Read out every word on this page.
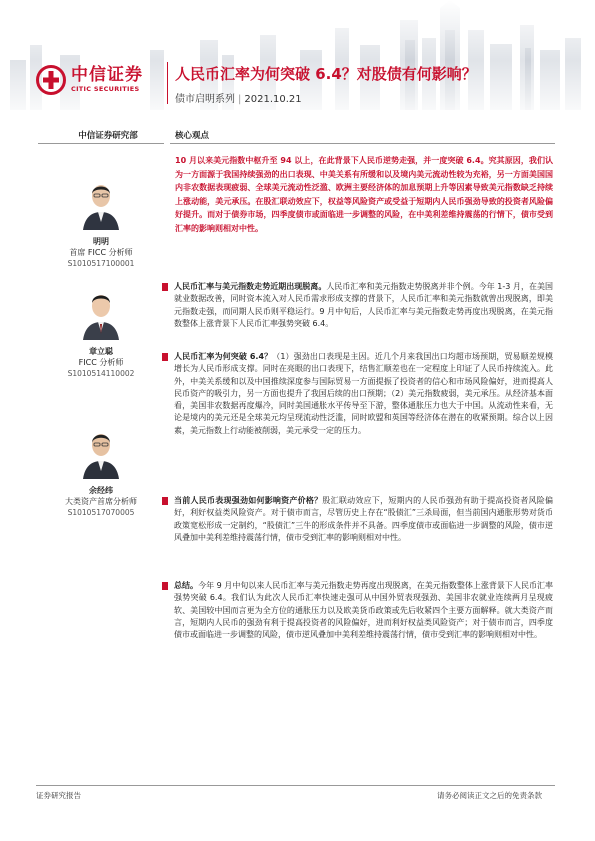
中信证券
CITIC SECURITIES
人民币汇率为何突破 6.4？对股债有何影响？
债市启明系列 | 2021.10.21
中信证券研究部
明明
首席 FICC 分析师
S1010517100001
章立聪
FICC 分析师
S1010514110002
余经纬
大类资产首席分析师
S1010517070005
核心观点
10 月以来美元指数中枢升至 94 以上，在此背景下人民币逆势走强，并一度突破 6.4。究其原因，我们认为一方面源于我国持续强劲的出口表现、中美关系有所缓和以及境内美元流动性较为充裕，另一方面美国国内非农数据表现疲弱、全球美元流动性泛滥、欧洲主要经济体的加息预期上升等因素导致美元指数缺乏持续上涨动能，美元承压。在股汇联动效应下，权益等风险资产或受益于短期内人民币强劲导致的投资者风险偏好提升。而对于债券市场，四季度债市或面临进一步调整的风险，在中美利差维持震荡的行情下，债市受到汇率的影响则相对中性。
人民币汇率与美元指数走势近期出现脱离。人民币汇率和美元指数走势脱离并非个例。今年 1-3 月，在美国就业数据改善，同时资本流入对人民币需求形成支撑的背景下，人民币汇率和美元指数就曾出现脱离，即美元指数走强，而同期人民币则平稳运行。9 月中旬后，人民币汇率与美元指数走势再度出现脱离，在美元指数整体上涨背景下人民币汇率强势突破 6.4。
人民币汇率为何突破 6.4？（1）强劲出口表现是主因。近几个月来我国出口均超市场预期，贸易顺差规模增长为人民币形成支撑。同时在亮眼的出口表现下，结售汇顺差也在一定程度上印证了人民币持续流入。此外，中美关系缓和以及中国推续深度参与国际贸易一方面提振了投资者的信心和市场风险偏好，进而提高人民币资产的吸引力，另一方面也提升了我国后续的出口预期；（2）美元指数疲弱，美元承压。从经济基本面看，美国非农数据再度爆冷，同时美国通胀水平传导至下游，整体通胀压力也大于中国。从流动性来看，无论是境内的美元还是全球美元均呈现流动性泛滥，同时欧盟和英国等经济体在潜在的收紧预期。综合以上因素，美元指数上行动能被削弱，美元承受一定的压力。
当前人民币表现强劲如何影响资产价格？股汇联动效应下，短期内的人民币强劲有助于提高投资者风险偏好，利好权益类风险资产。对于债市而言，尽管历史上存在“股债汇”三杀局面，但当前国内通胀形势对货币政策宽松形成一定制约，“股债汇”三牛的形成条件并不具备。四季度债市或面临进一步调整的风险，债市逆风叠加中美利差维持震荡行情，债市受到汇率的影响则相对中性。
总结。今年 9 月中旬以来人民币汇率与美元指数走势再度出现脱离，在美元指数整体上涨背景下人民币汇率强势突破 6.4。我们认为此次人民币汇率快速走强可从中国外贸表现强劲、美国非农就业连续两月呈现疲软、美国较中国而言更为全方位的通胀压力以及欧美货币政策或先后收紧四个主要方面解释。就大类资产而言，短期内人民币的强劲有利于提高投资者的风险偏好，进而利好权益类风险资产；对于债市而言，四季度债市或面临进一步调整的风险，债市逆风叠加中美利差维持震荡行情，债市受到汇率的影响则相对中性。
证券研究报告	请务必阅读正文之后的免责条款
